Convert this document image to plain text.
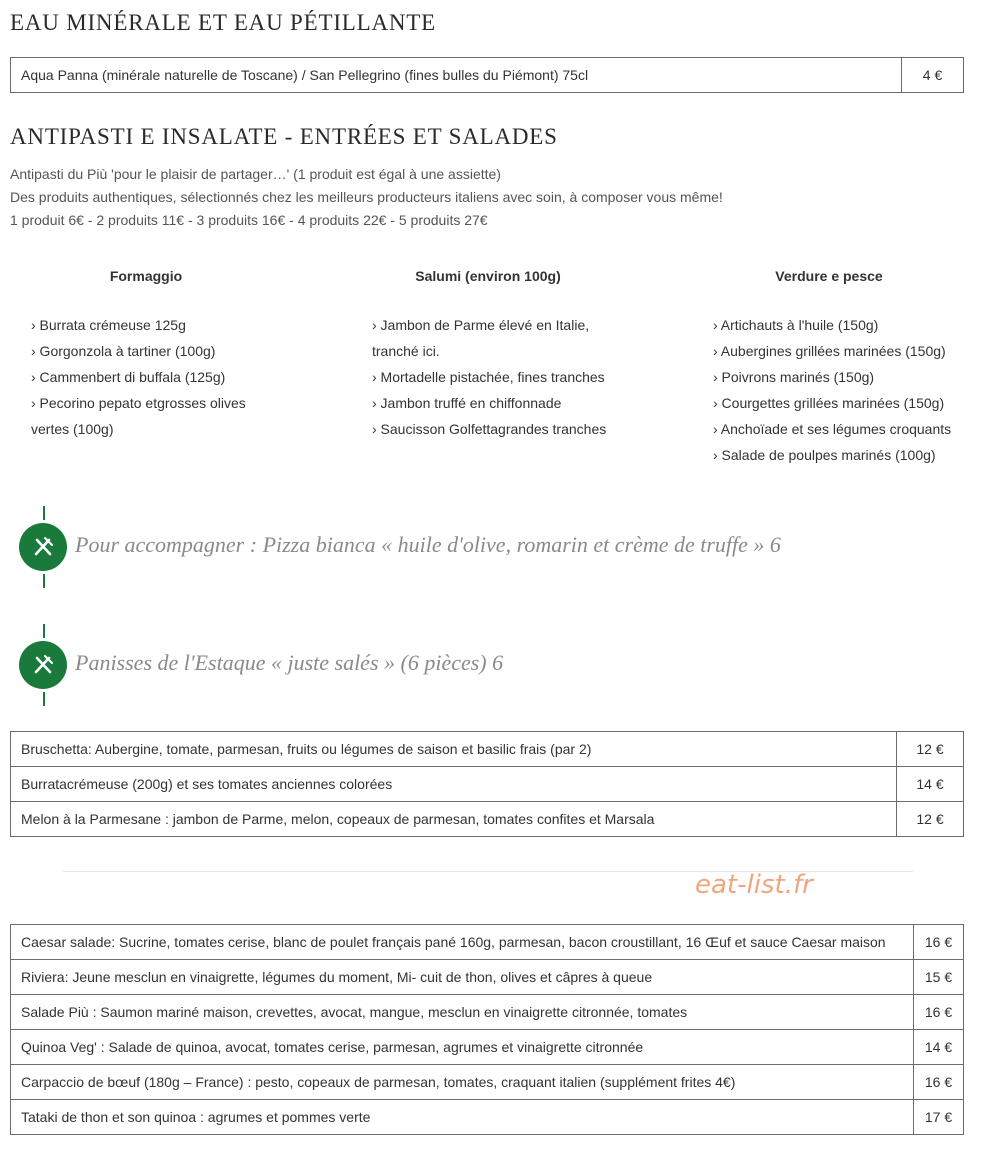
EAU MINÉRALE ET EAU PÉTILLANTE
Aqua Panna (minérale naturelle de Toscane) / San Pellegrino (fines bulles du Piémont) 75cl	4 €
ANTIPASTI E INSALATE - ENTRÉES ET SALADES
Antipasti du Più 'pour le plaisir de partager…' (1 produit est égal à une assiette)
Des produits authentiques, sélectionnés chez les meilleurs producteurs italiens avec soin, à composer vous même!
1 produit 6€ - 2 produits 11€ - 3 produits 16€ - 4 produits 22€ - 5 produits 27€
Formaggio
› Burrata crémeuse 125g
› Gorgonzola à tartiner (100g)
› Cammenbert di buffala (125g)
› Pecorino pepato etgrosses olives vertes (100g)
Salumi (environ 100g)
› Jambon de Parme élevé en Italie, tranché ici.
› Mortadelle pistachée, fines tranches
› Jambon truffé en chiffonnade
› Saucisson Golfettagrandes tranches
Verdure e pesce
› Artichauts à l'huile (150g)
› Aubergines grillées marinées (150g)
› Poivrons marinés (150g)
› Courgettes grillées marinées (150g)
› Anchoïade et ses légumes croquants
› Salade de poulpes marinés (100g)
Pour accompagner : Pizza bianca « huile d'olive, romarin et crème de truffe » 6
Panisses de l'Estaque « juste salés » (6 pièces) 6
Bruschetta: Aubergine, tomate, parmesan, fruits ou légumes de saison et basilic frais (par 2)	12 €
Burratacrémeuse (200g) et ses tomates anciennes colorées	14 €
Melon à la Parmesane : jambon de Parme, melon, copeaux de parmesan, tomates confites et Marsala	12 €
eat-list.fr
Caesar salade: Sucrine, tomates cerise, blanc de poulet français pané 160g, parmesan, bacon croustillant, 16 Œuf et sauce Caesar maison	16 €
Riviera: Jeune mesclun en vinaigrette, légumes du moment, Mi- cuit de thon, olives et câpres à queue	15 €
Salade Più : Saumon mariné maison, crevettes, avocat, mangue, mesclun en vinaigrette citronnée, tomates	16 €
Quinoa Veg' : Salade de quinoa, avocat, tomates cerise, parmesan, agrumes et vinaigrette citronnée	14 €
Carpaccio de bœuf (180g – France) : pesto, copeaux de parmesan, tomates, craquant italien (supplément frites 4€)	16 €
Tataki de thon et son quinoa : agrumes et pommes verte	17 €
